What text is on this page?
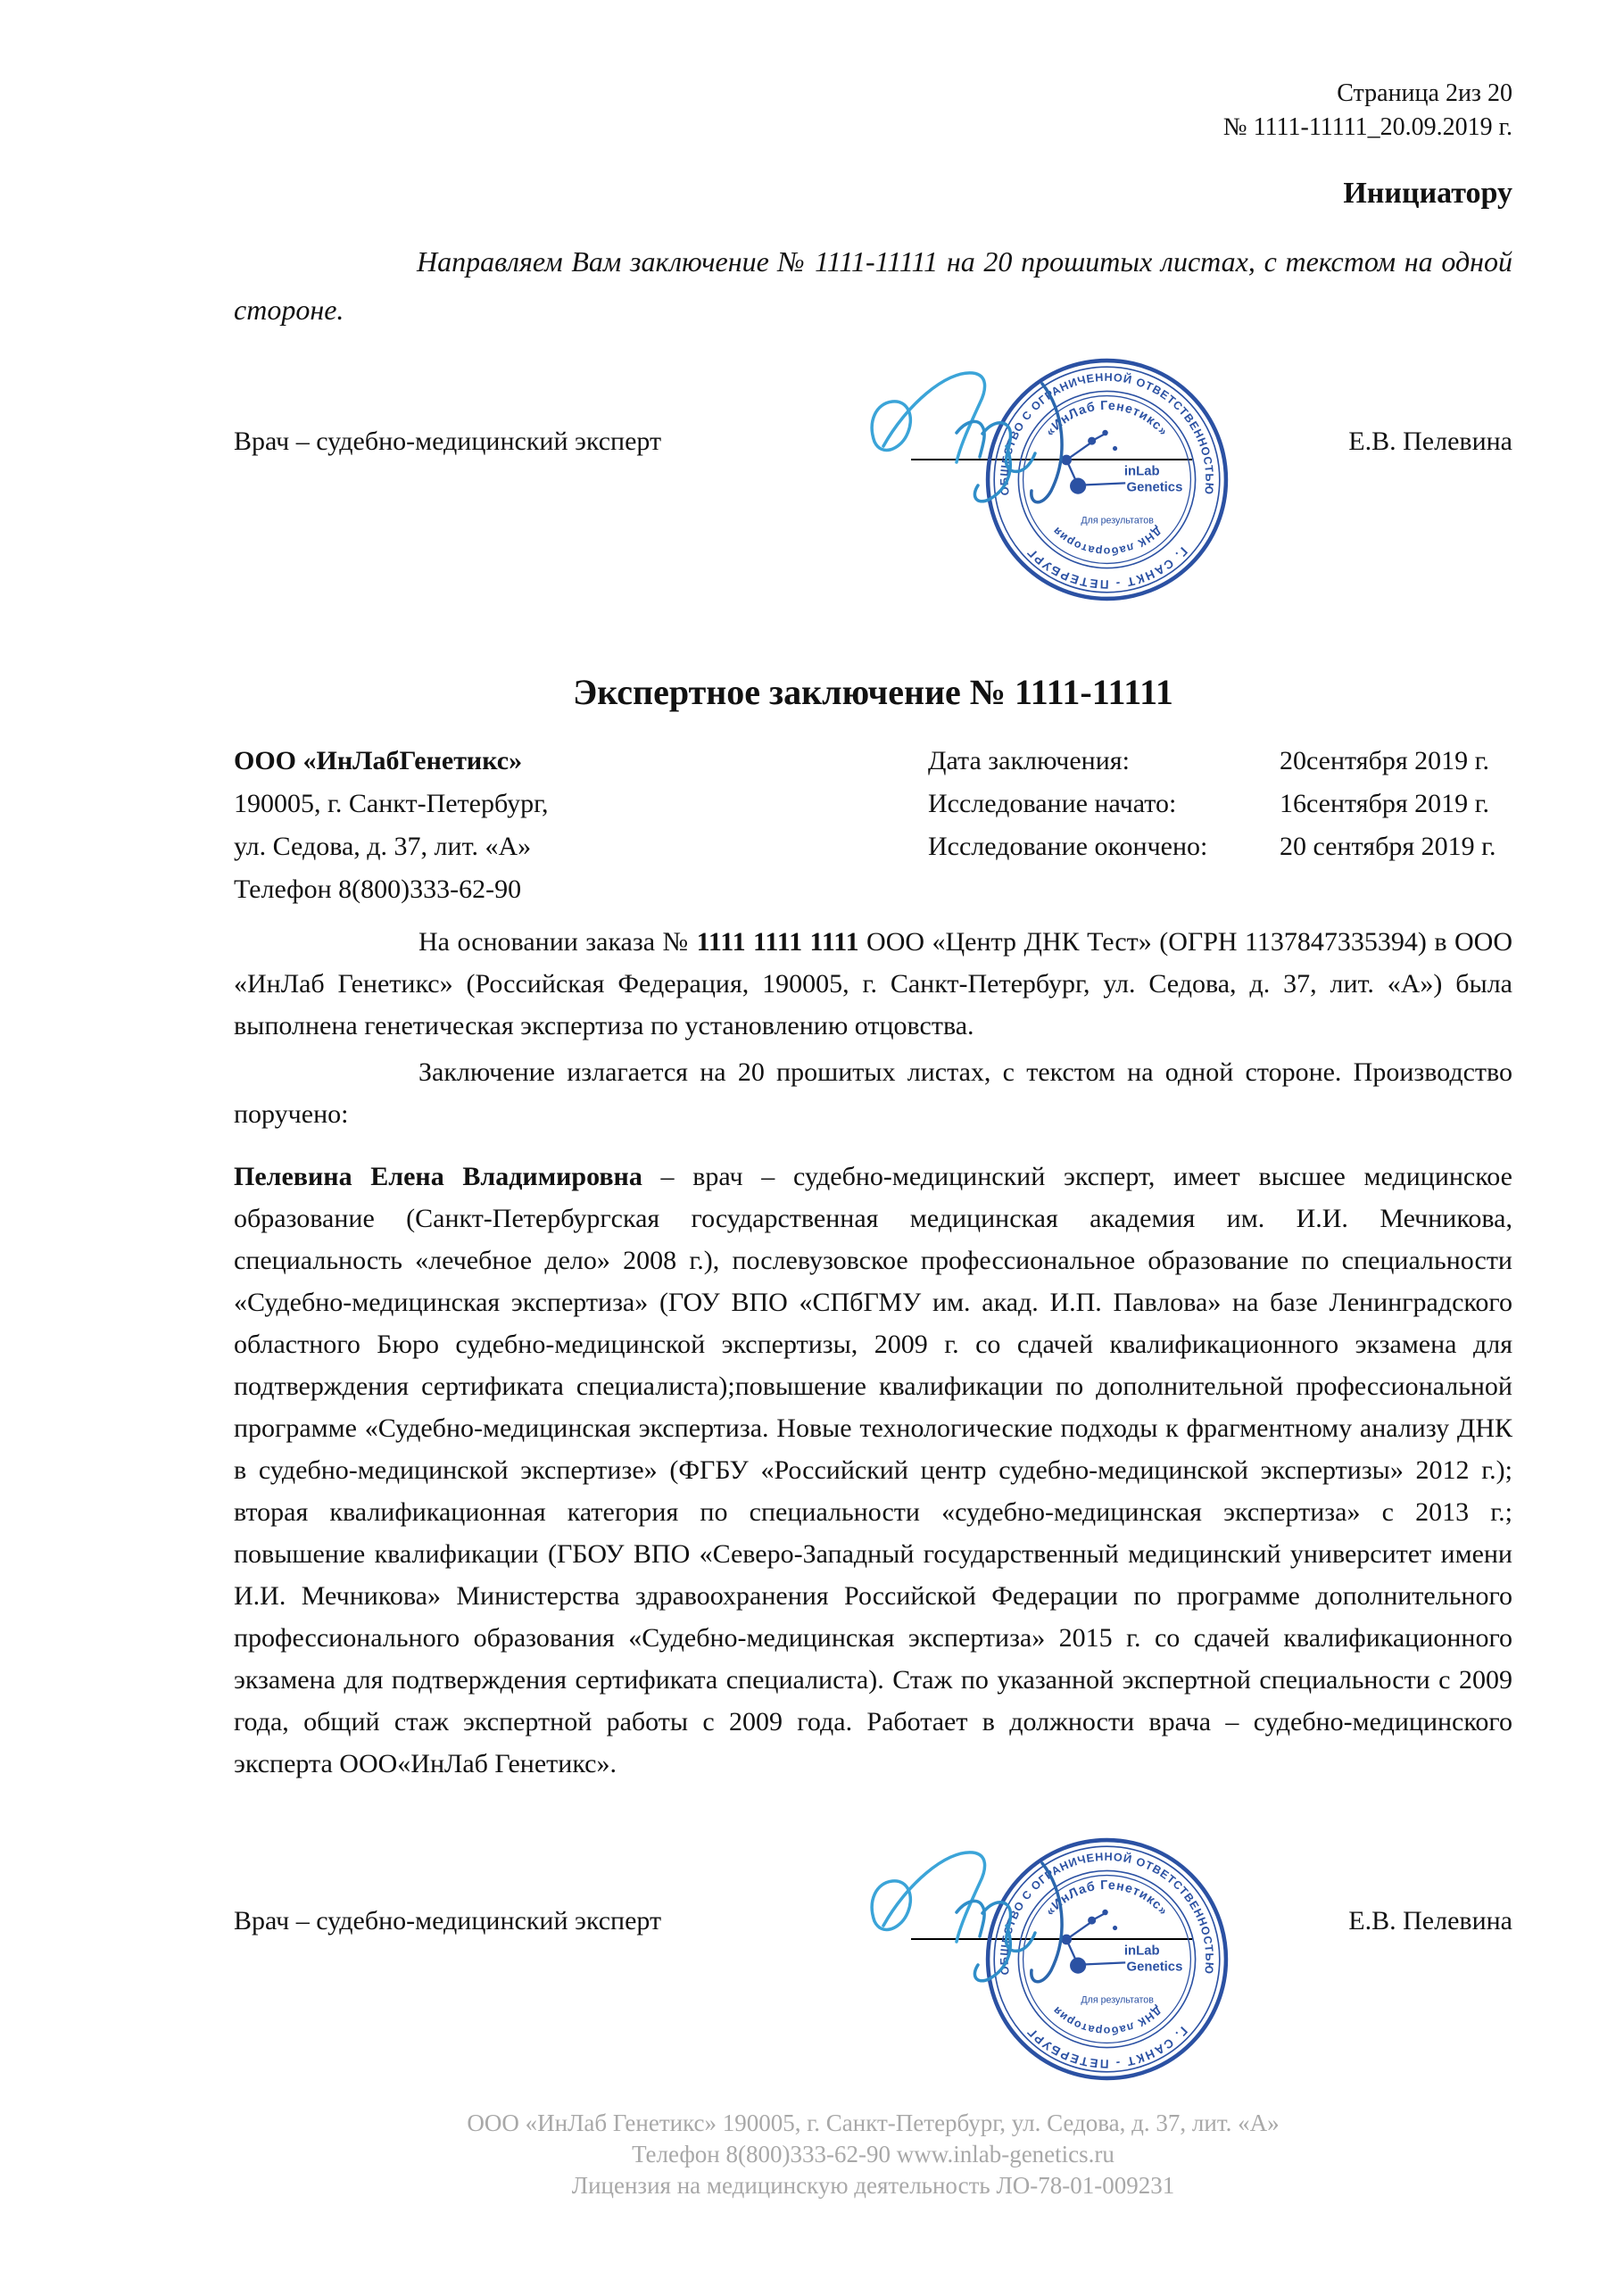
Страница 2из 20
№ 1111-11111_20.09.2019 г.
Инициатору
Направляем Вам заключение № 1111-11111 на 20 прошитых листах, с текстом на одной стороне.
Врач – судебно-медицинский эксперт
ОБЩЕСТВО С ОГРАНИЧЕННОЙ ОТВЕТСТВЕННОСТЬЮ
Г. САНКТ - ПЕТЕРБУРГ
«ИнЛаб Генетикс»
ДНК лаборатория
inLab
Genetics
Для результатов
Е.В. Пелевина
Экспертное заключение № 1111-11111
ООО «ИнЛабГенетикс»	Дата заключения:	20сентября 2019 г.
190005, г. Санкт-Петербург,	Исследование начато:	16сентября 2019 г.
ул. Седова, д. 37, лит. «А»	Исследование окончено:	20 сентября 2019 г.
Телефон 8(800)333-62-90
На основании заказа № 1111 1111 1111 ООО «Центр ДНК Тест» (ОГРН 1137847335394) в ООО «ИнЛаб Генетикс» (Российская Федерация, 190005, г. Санкт-Петербург, ул. Седова, д. 37, лит. «А») была выполнена генетическая экспертиза по установлению отцовства.
Заключение излагается на 20 прошитых листах, с текстом на одной стороне. Производство поручено:
Пелевина Елена Владимировна – врач – судебно-медицинский эксперт, имеет высшее медицинское образование (Санкт-Петербургская государственная медицинская академия им. И.И. Мечникова, специальность «лечебное дело» 2008 г.), послевузовское профессиональное образование по специальности «Судебно-медицинская экспертиза» (ГОУ ВПО «СПбГМУ им. акад. И.П. Павлова» на базе Ленинградского областного Бюро судебно-медицинской экспертизы, 2009 г. со сдачей квалификационного экзамена для подтверждения сертификата специалиста);повышение квалификации по дополнительной профессиональной программе «Судебно-медицинская экспертиза. Новые технологические подходы к фрагментному анализу ДНК в судебно-медицинской экспертизе» (ФГБУ «Российский центр судебно-медицинской экспертизы» 2012 г.); вторая квалификационная категория по специальности «судебно-медицинская экспертиза» с 2013 г.; повышение квалификации (ГБОУ ВПО «Северо-Западный государственный медицинский университет имени И.И. Мечникова» Министерства здравоохранения Российской Федерации по программе дополнительного профессионального образования «Судебно-медицинская экспертиза» 2015 г. со сдачей квалификационного экзамена для подтверждения сертификата специалиста). Стаж по указанной экспертной специальности с 2009 года, общий стаж экспертной работы с 2009 года. Работает в должности врача – судебно-медицинского эксперта ООО«ИнЛаб Генетикс».
Врач – судебно-медицинский эксперт
ОБЩЕСТВО С ОГРАНИЧЕННОЙ ОТВЕТСТВЕННОСТЬЮ
Г. САНКТ - ПЕТЕРБУРГ
«ИнЛаб Генетикс»
ДНК лаборатория
inLab
Genetics
Для результатов
Е.В. Пелевина
ООО «ИнЛаб Генетикс» 190005, г. Санкт-Петербург, ул. Седова, д. 37, лит. «А»
Телефон 8(800)333-62-90 www.inlab-genetics.ru
Лицензия на медицинскую деятельность ЛО-78-01-009231
